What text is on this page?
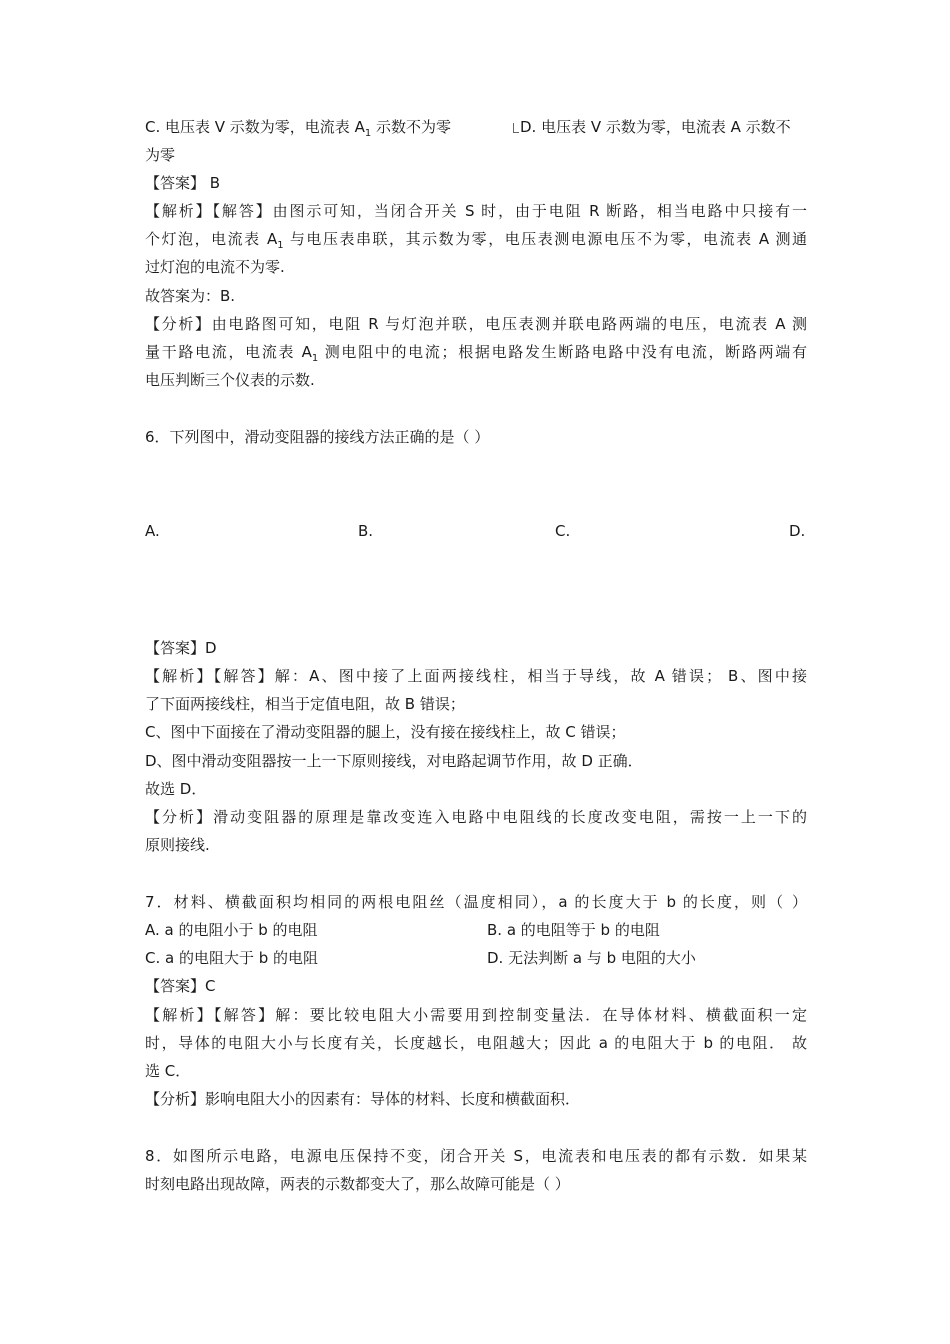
C. 电压表 V 示数为零，电流表 $A_1$ 示数不为零	D. 电压表 V 示数为零，电流表 A 示数不
为零
【答案】 B
【解析】【解答】由图示可知，当闭合开关 S 时，由于电阻 R 断路，相当电路中只接有一
个灯泡，电流表 $A_1$ 与电压表串联，其示数为零，电压表测电源电压不为零，电流表 A 测通
过灯泡的电流不为零.
故答案为：B.
【分析】由电路图可知，电阻 R 与灯泡并联，电压表测并联电路两端的电压，电流表 A 测
量干路电流，电流表 $A_1$ 测电阻中的电流；根据电路发生断路电路中没有电流，断路两端有
电压判断三个仪表的示数.
6．下列图中，滑动变阻器的接线方法正确的是（ ）
A.	B.	C.	D.
【答案】D
【解析】【解答】解：A、图中接了上面两接线柱，相当于导线，故 A 错误； B、图中接
了下面两接线柱，相当于定值电阻，故 B 错误；
C、图中下面接在了滑动变阻器的腿上，没有接在接线柱上，故 C 错误；
D、图中滑动变阻器按一上一下原则接线，对电路起调节作用，故 D 正确．
故选 D．
【分析】滑动变阻器的原理是靠改变连入电路中电阻线的长度改变电阻，需按一上一下的
原则接线.
7．材料、横截面积均相同的两根电阻丝（温度相同），a 的长度大于 b 的长度，则（ ）
A. a 的电阻小于 b 的电阻	B. a 的电阻等于 b 的电阻
C. a 的电阻大于 b 的电阻	D. 无法判断 a 与 b 电阻的大小
【答案】C
【解析】【解答】解：要比较电阻大小需要用到控制变量法．在导体材料、横截面积一定
时，导体的电阻大小与长度有关，长度越长，电阻越大；因此 a 的电阻大于 b 的电阻． 故
选 C．
【分析】影响电阻大小的因素有：导体的材料、长度和横截面积．
8．如图所示电路，电源电压保持不变，闭合开关 S，电流表和电压表的都有示数．如果某
时刻电路出现故障，两表的示数都变大了，那么故障可能是（ ）
